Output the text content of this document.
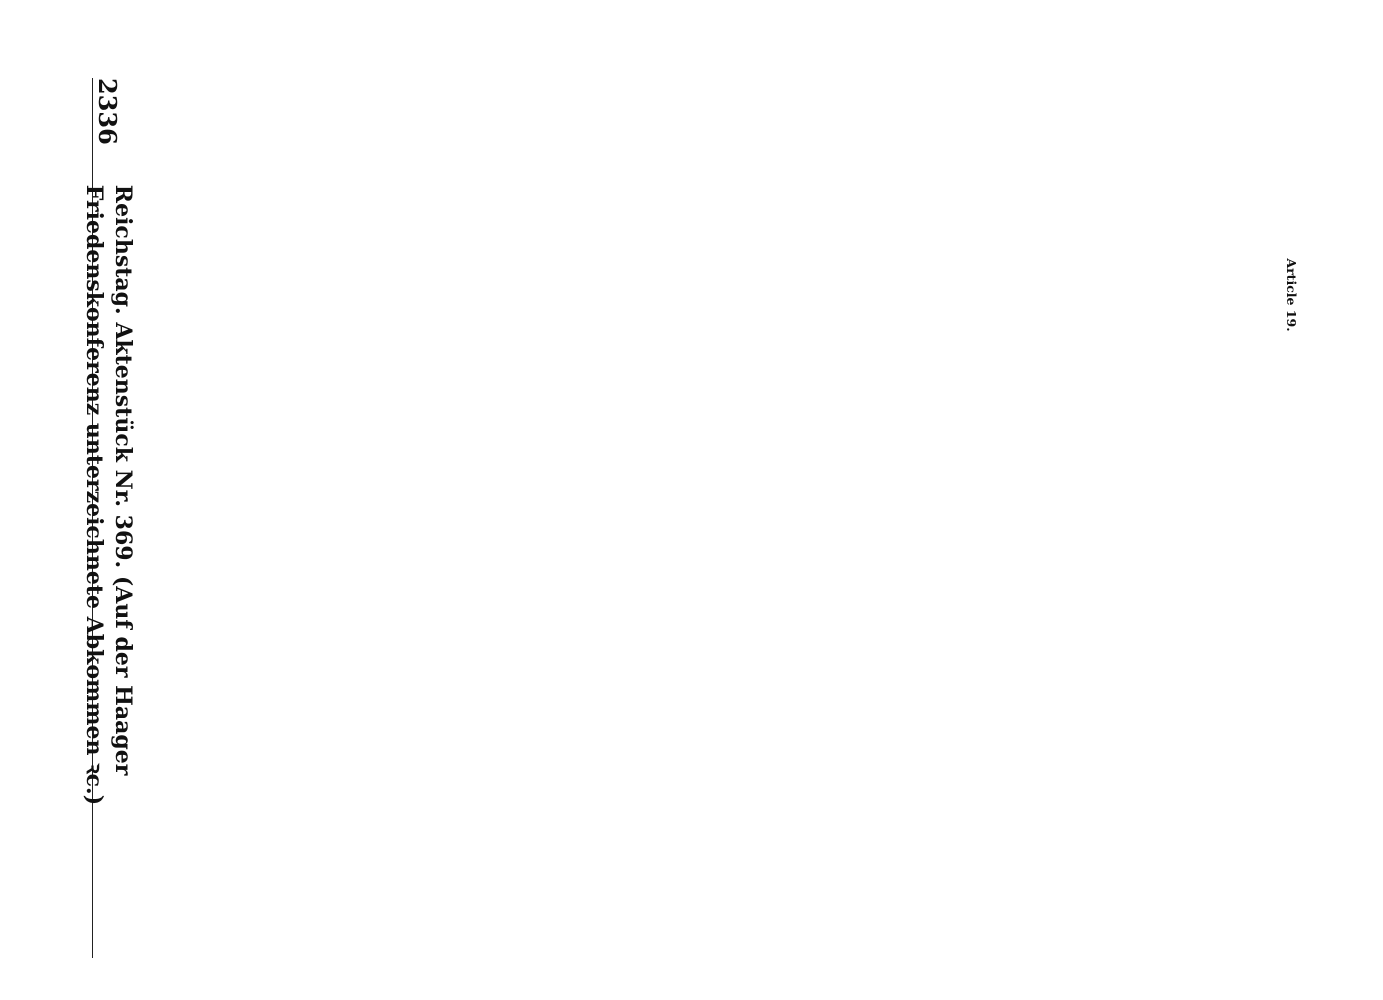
2336
Reichstag. Aktenstück Nr. 369. (Auf der Haager Friedenskonferenz unterzeichnete Abkommen ꝛc.)	Article 19.
